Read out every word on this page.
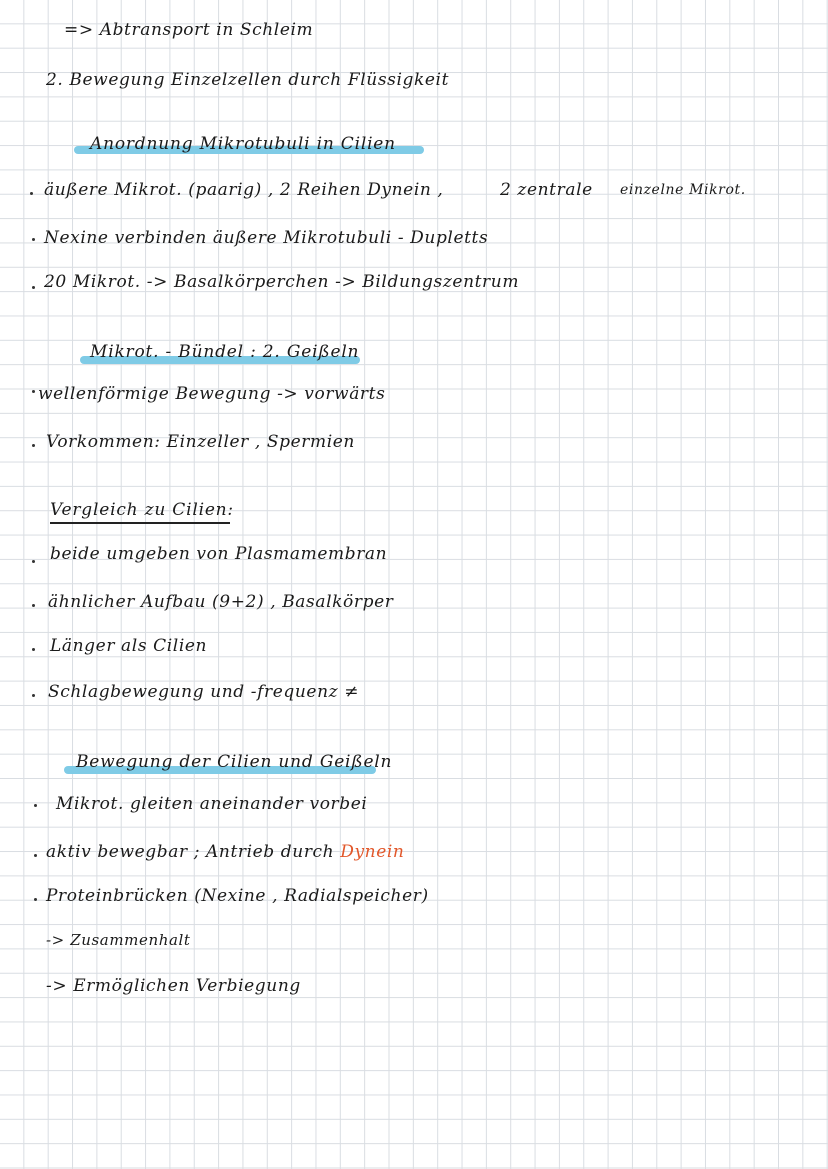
=> Abtransport in Schleim
2. Bewegung Einzelzellen durch Flüssigkeit
Anordnung Mikrotubuli in Cilien
äußere Mikrot. (paarig) , 2 Reihen Dynein ,	2 zentrale einzelne Mikrot.
Nexine verbinden äußere Mikrotubuli - Dupletts
20 Mikrot. -> Basalkörperchen -> Bildungszentrum
Mikrot. - Bündel : 2. Geißeln
wellenförmige Bewegung -> vorwärts
Vorkommen: Einzeller , Spermien
Vergleich zu Cilien:
beide umgeben von Plasmamembran
ähnlicher Aufbau (9+2) , Basalkörper
Länger als Cilien
Schlagbewegung und -frequenz ≠
Bewegung der Cilien und Geißeln
Mikrot. gleiten aneinander vorbei
aktiv bewegbar ; Antrieb durch Dynein
Proteinbrücken (Nexine , Radialspeicher)
-> Zusammenhalt
-> Ermöglichen Verbiegung
